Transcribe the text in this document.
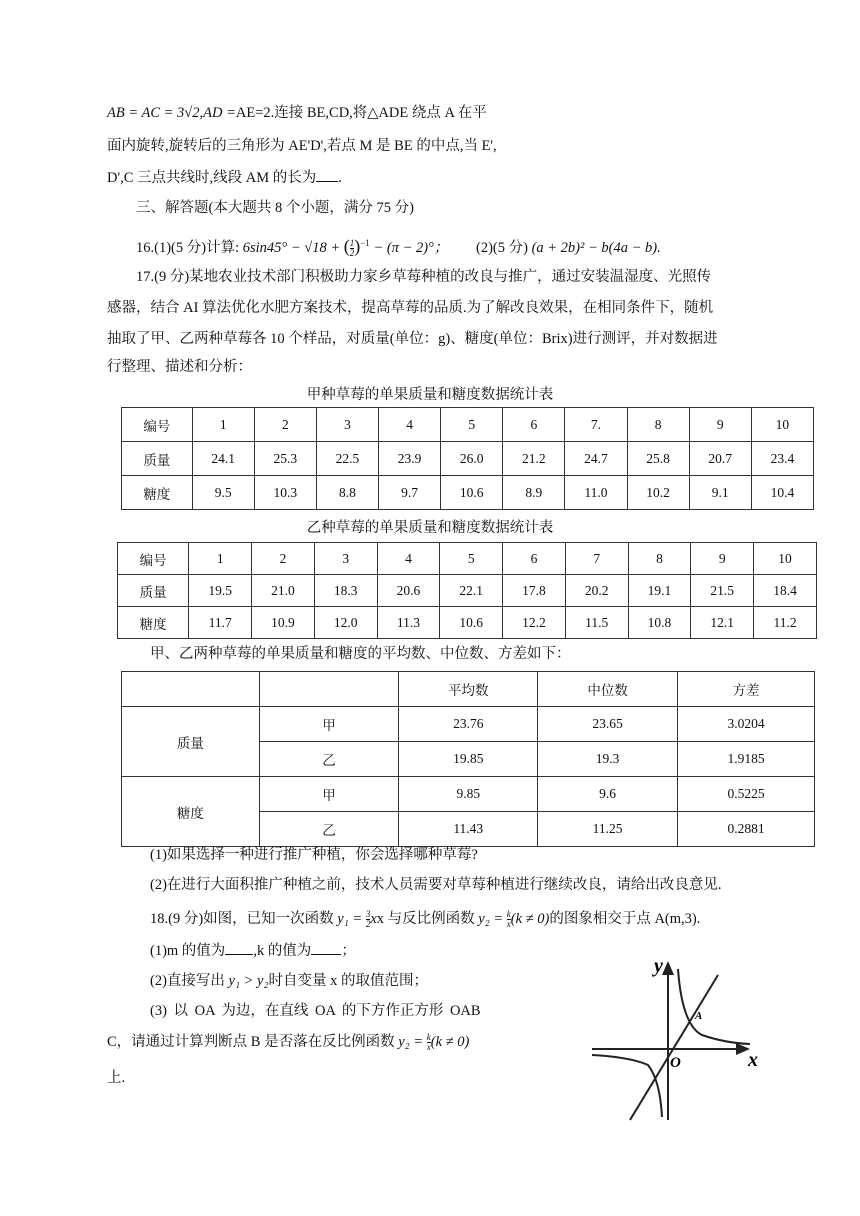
AB = AC = 3√2,AD =AE=2.连接 BE,CD,将△ADE 绕点 A 在平
面内旋转,旋转后的三角形为 AE'D',若点 M 是 BE 的中点,当 E',
D',C 三点共线时,线段 AM 的长为 .
三、解答题(本大题共 8 个小题，满分 75 分)
16.(1)(5 分)计算: 6sin45° − √18 + ( $\frac{1}{2} )^{-1} - (\pi - 2)^\circ$； (2)(5 分) (a + 2b)² − b(4a − b).
17.(9 分)某地农业技术部门积极助力家乡草莓种植的改良与推广，通过安装温湿度、光照传
感器，结合 AI 算法优化水肥方案技术，提高草莓的品质.为了解改良效果，在相同条件下，随机
抽取了甲、乙两种草莓各 10 个样品，对质量(单位：g)、糖度(单位：Brix)进行测评，并对数据进
行整理、描述和分析：
甲种草莓的单果质量和糖度数据统计表
编号	1	2	3	4	5	6	7.	8	9	10
质量	24.1	25.3	22.5	23.9	26.0	21.2	24.7	25.8	20.7	23.4
糖度	9.5	10.3	8.8	9.7	10.6	8.9	11.0	10.2	9.1	10.4
乙种草莓的单果质量和糖度数据统计表
编号	1	2	3	4	5	6	7	8	9	10
质量	19.5	21.0	18.3	20.6	22.1	17.8	20.2	19.1	21.5	18.4
糖度	11.7	10.9	12.0	11.3	10.6	12.2	11.5	10.8	12.1	11.2
甲、乙两种草莓的单果质量和糖度的平均数、中位数、方差如下：
		平均数	中位数	方差
质量	甲	23.76	23.65	3.0204
	乙	19.85	19.3	1.9185
糖度	甲	9.85	9.6	0.5225
	乙	11.43	11.25	0.2881
(1)如果选择一种进行推广种植，你会选择哪种草莓?
(2)在进行大面积推广种植之前，技术人员需要对草莓种植进行继续改良，请给出改良意见.
18.(9 分)如图，已知一次函数 $y_1 = \frac{3}{2}$ xx 与反比例函数 $y_2 = \frac{k}{x} (k \ne 0)$的图象相交于点 A(m,3).
(1)m 的值为 ,k 的值为 ；
(2)直接写出 y₁ > y₂时自变量 x 的取值范围；
(3) 以 OA 为边，在直线 OA 的下方作正方形 OAB
C，请通过计算判断点 B 是否落在反比例函数 $y_2 = \frac{k}{x} (k \ne 0)$
上.
y
x
O
A
